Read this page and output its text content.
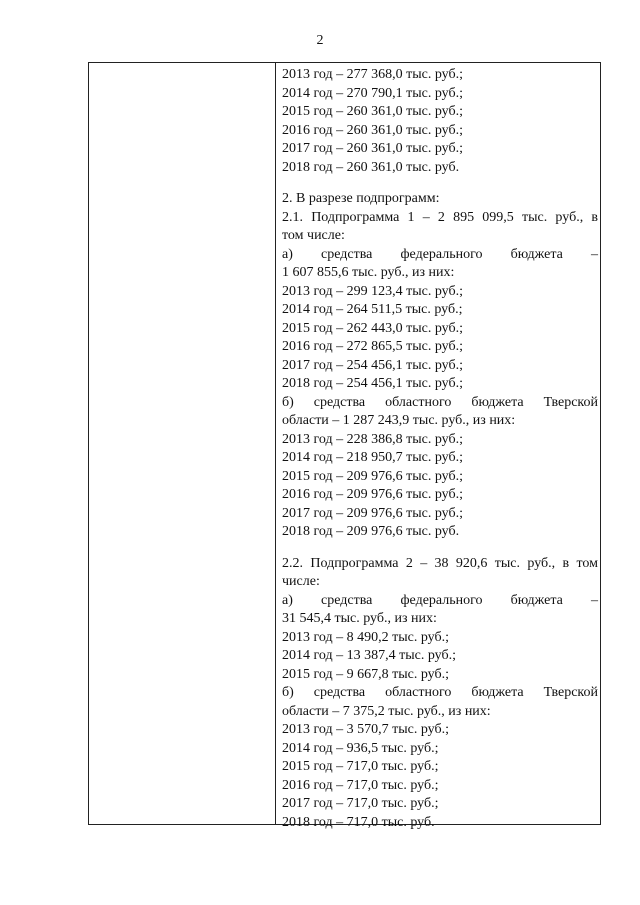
2
2013 год – 277 368,0 тыс. руб.;
2014 год – 270 790,1 тыс. руб.;
2015 год – 260 361,0 тыс. руб.;
2016 год – 260 361,0 тыс. руб.;
2017 год – 260 361,0 тыс. руб.;
2018 год – 260 361,0 тыс. руб.
2. В разрезе подпрограмм:
2.1. Подпрограмма 1 – 2 895 099,5 тыс. руб., в
том числе:
а) средства федерального бюджета –
1 607 855,6 тыс. руб., из них:
2013 год – 299 123,4 тыс. руб.;
2014 год – 264 511,5 тыс. руб.;
2015 год – 262 443,0 тыс. руб.;
2016 год – 272 865,5 тыс. руб.;
2017 год – 254 456,1 тыс. руб.;
2018 год – 254 456,1 тыс. руб.;
б) средства областного бюджета Тверской
области – 1 287 243,9 тыс. руб., из них:
2013 год – 228 386,8 тыс. руб.;
2014 год – 218 950,7 тыс. руб.;
2015 год – 209 976,6 тыс. руб.;
2016 год – 209 976,6 тыс. руб.;
2017 год – 209 976,6 тыс. руб.;
2018 год – 209 976,6 тыс. руб.
2.2. Подпрограмма 2 – 38 920,6 тыс. руб., в том
числе:
а) средства федерального бюджета –
31 545,4 тыс. руб., из них:
2013 год – 8 490,2 тыс. руб.;
2014 год – 13 387,4 тыс. руб.;
2015 год – 9 667,8 тыс. руб.;
б) средства областного бюджета Тверской
области – 7 375,2 тыс. руб., из них:
2013 год – 3 570,7 тыс. руб.;
2014 год – 936,5 тыс. руб.;
2015 год – 717,0 тыс. руб.;
2016 год – 717,0 тыс. руб.;
2017 год – 717,0 тыс. руб.;
2018 год – 717,0 тыс. руб.
